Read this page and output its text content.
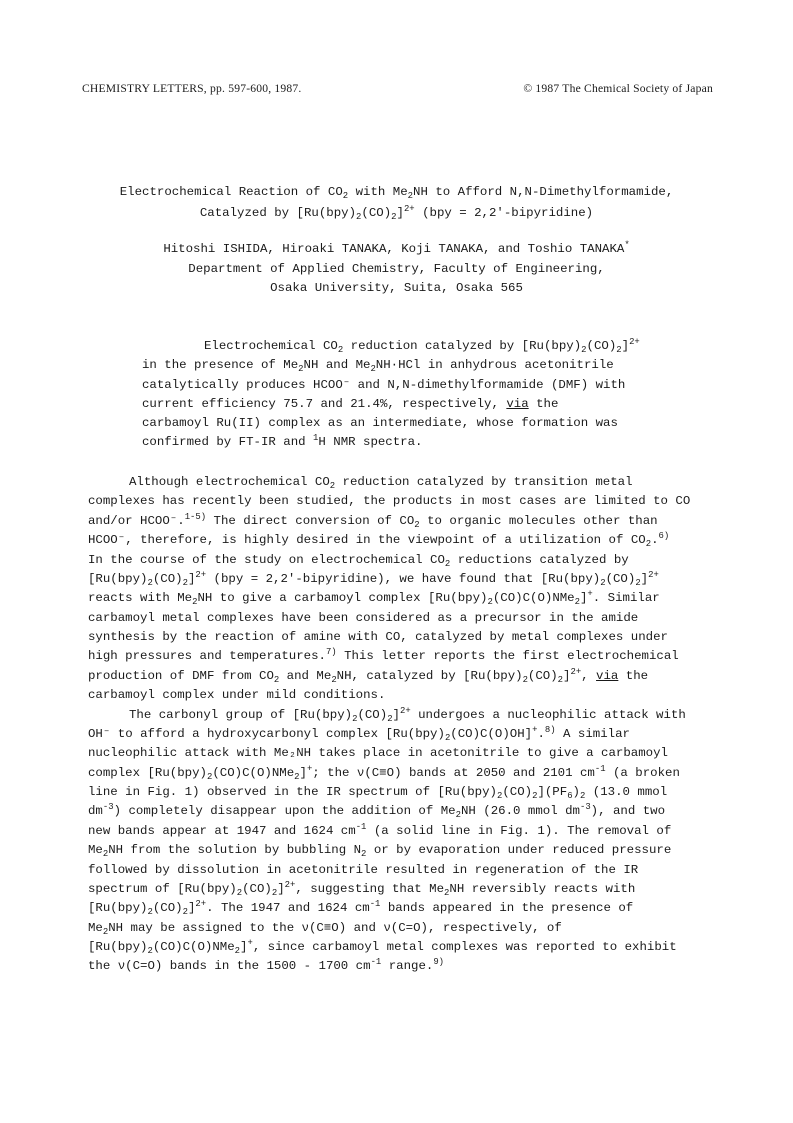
CHEMISTRY LETTERS, pp. 597-600, 1987.	© 1987 The Chemical Society of Japan
Electrochemical Reaction of $CO_2$ with $Me_2NH$ to Afford N,N-Dimethylformamide,
Catalyzed by $[Ru(bpy)_2(CO)_2]^{2+}$ (bpy = 2,2'-bipyridine)
Hitoshi ISHIDA, Hiroaki TANAKA, Koji TANAKA, and Toshio TANAKA*
Department of Applied Chemistry, Faculty of Engineering,
Osaka University, Suita, Osaka 565

Electrochemical $CO_2$ reduction catalyzed by $[Ru(bpy)_2(CO)_2]^{2+}$
in the presence of $Me_2NH$ and $Me_2NH\cdot HCl$ in anhydrous acetonitrile
catalytically produces HCOO⁻ and N,N-dimethylformamide (DMF) with
current efficiency 75.7 and 21.4%, respectively, via the
carbamoyl Ru(II) complex as an intermediate, whose formation was
confirmed by FT-IR and $^1$H NMR spectra.

Although electrochemical $CO_2$ reduction catalyzed by transition metal
complexes has recently been studied, the products in most cases are limited to CO
and/or HCOO⁻.$^{1-5)}$ The direct conversion of $CO_2$ to organic molecules other than
HCOO⁻, therefore, is highly desired in the viewpoint of a utilization of $CO_2.^{6)}$
In the course of the study on electrochemical $CO_2$ reductions catalyzed by
$[Ru(bpy)_2(CO)_2]^{2+}$ (bpy = 2,2'-bipyridine), we have found that $[Ru(bpy)_2(CO)_2]^{2+}$
reacts with $Me_2NH$ to give a carbamoyl complex $[Ru(bpy)_2(CO)C(O)NMe_2]^+$. Similar
carbamoyl metal complexes have been considered as a precursor in the amide
synthesis by the reaction of amine with CO, catalyzed by metal complexes under
high pressures and temperatures.$^{7)}$ This letter reports the first electrochemical
production of DMF from $CO_2$ and $Me_2NH$, catalyzed by $[Ru(bpy)_2(CO)_2]^{2+}$, via the
carbamoyl complex under mild conditions.

The carbonyl group of $[Ru(bpy)_2(CO)_2]^{2+}$ undergoes a nucleophilic attack with
OH⁻ to afford a hydroxycarbonyl complex $[Ru(bpy)_2(CO)C(O)OH]^+.^{8)}$ A similar
nucleophilic attack with Me₂NH takes place in acetonitrile to give a carbamoyl
complex $[Ru(bpy)_2(CO)C(O)NMe_2]^+$; the ν(C≡O) bands at 2050 and 2101 $cm^{-1}$ (a broken
line in Fig. 1) observed in the IR spectrum of $[Ru(bpy)_2(CO)_2](PF_6)_2$ (13.0 mmol
$dm^{-3}$) completely disappear upon the addition of $Me_2NH$ (26.0 mmol $dm^{-3}$), and two
new bands appear at 1947 and 1624 $cm^{-1}$ (a solid line in Fig. 1). The removal of
$Me_2NH$ from the solution by bubbling $N_2$ or by evaporation under reduced pressure
followed by dissolution in acetonitrile resulted in regeneration of the IR
spectrum of $[Ru(bpy)_2(CO)_2]^{2+}$, suggesting that $Me_2NH$ reversibly reacts with
$[Ru(bpy)_2(CO)_2]^{2+}$. The 1947 and 1624 $cm^{-1}$ bands appeared in the presence of
$Me_2NH$ may be assigned to the ν(C≡O) and ν(C=O), respectively, of
$[Ru(bpy)_2(CO)C(O)NMe_2]^+$, since carbamoyl metal complexes was reported to exhibit
the ν(C=O) bands in the 1500 - 1700 $cm^{-1}$ range.$^{9)}$
